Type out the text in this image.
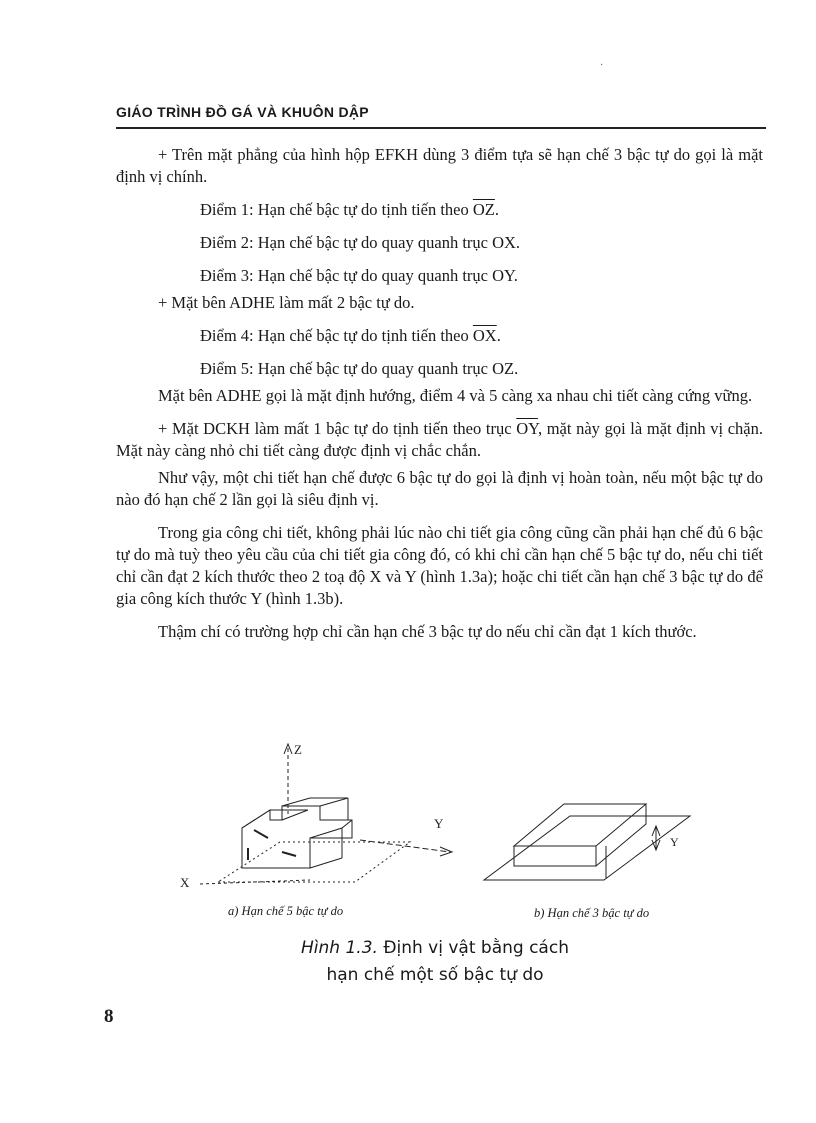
·
GIÁO TRÌNH ĐỒ GÁ VÀ KHUÔN DẬP

+ Trên mặt phẳng của hình hộp EFKH dùng 3 điểm tựa sẽ hạn chế 3 bậc tự do gọi là mặt định vị chính.

Điểm 1: Hạn chế bậc tự do tịnh tiến theo $\overline{OZ}$.

Điểm 2: Hạn chế bậc tự do quay quanh trục OX.

Điểm 3: Hạn chế bậc tự do quay quanh trục OY.

+ Mặt bên ADHE làm mất 2 bậc tự do.

Điểm 4: Hạn chế bậc tự do tịnh tiến theo $\overline{OX}$.

Điểm 5: Hạn chế bậc tự do quay quanh trục OZ.

Mặt bên ADHE gọi là mặt định hướng, điểm 4 và 5 càng xa nhau chi tiết càng cứng vững.

+ Mặt DCKH làm mất 1 bậc tự do tịnh tiến theo trục $\overline{OY}$, mặt này gọi là mặt định vị chặn. Mặt này càng nhỏ chi tiết càng được định vị chắc chắn.

Như vậy, một chi tiết hạn chế được 6 bậc tự do gọi là định vị hoàn toàn, nếu một bậc tự do nào đó hạn chế 2 lần gọi là siêu định vị.

Trong gia công chi tiết, không phải lúc nào chi tiết gia công cũng cần phải hạn chế đủ 6 bậc tự do mà tuỳ theo yêu cầu của chi tiết gia công đó, có khi chỉ cần hạn chế 5 bậc tự do, nếu chi tiết chỉ cần đạt 2 kích thước theo 2 toạ độ X và Y (hình 1.3a); hoặc chi tiết cần hạn chế 3 bậc tự do để gia công kích thước Y (hình 1.3b).

Thậm chí có trường hợp chỉ cần hạn chế 3 bậc tự do nếu chỉ cần đạt 1 kích thước.

Z
Y
X
Y
a) Hạn chế 5 bậc tự do	b) Hạn chế 3 bậc tự do
Hình 1.3. Định vị vật bằng cách
hạn chế một số bậc tự do
8
